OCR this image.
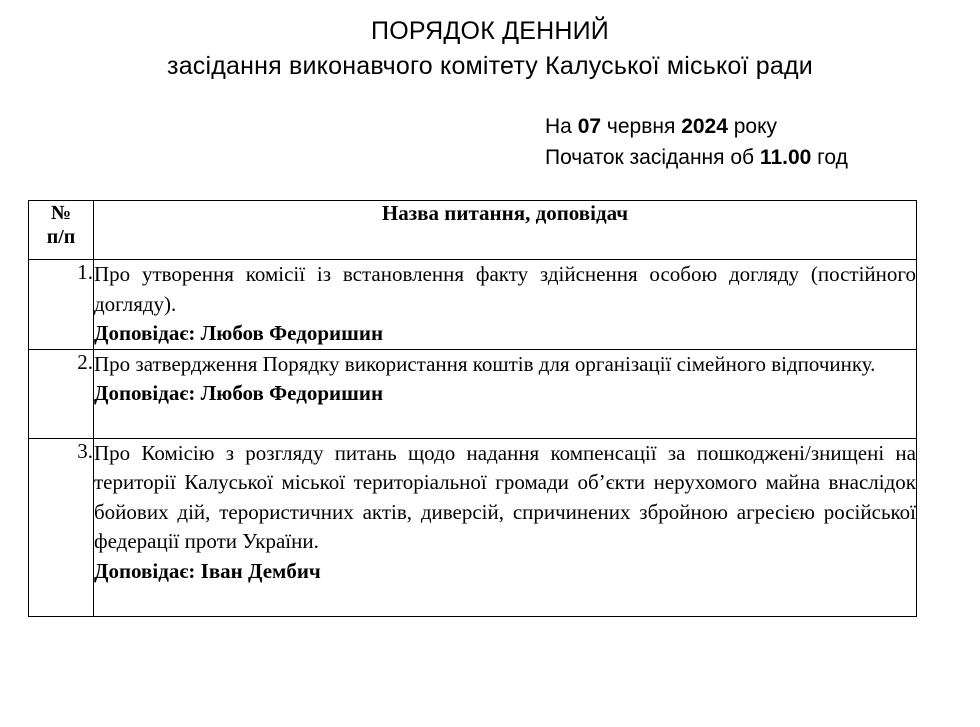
ПОРЯДОК ДЕННИЙ
засідання виконавчого комітету Калуської міської ради
На 07 червня 2024 року
Початок засідання об 11.00 год
№
п/п	Назва питання, доповідач
1.	Про утворення комісії із встановлення факту здійснення особою догляду (постійного догляду).
Доповідає: Любов Федоришин

2.	Про затвердження Порядку використання коштів для організації сімейного відпочинку.
Доповідає: Любов Федоришин

3.	Про Комісію з розгляду питань щодо надання компенсації за пошкоджені/знищені на території Калуської міської територіальної громади об’єкти нерухомого майна внаслідок бойових дій, терористичних актів, диверсій, спричинених збройною агресією російської федерації проти України.
Доповідає: Іван Дембич
